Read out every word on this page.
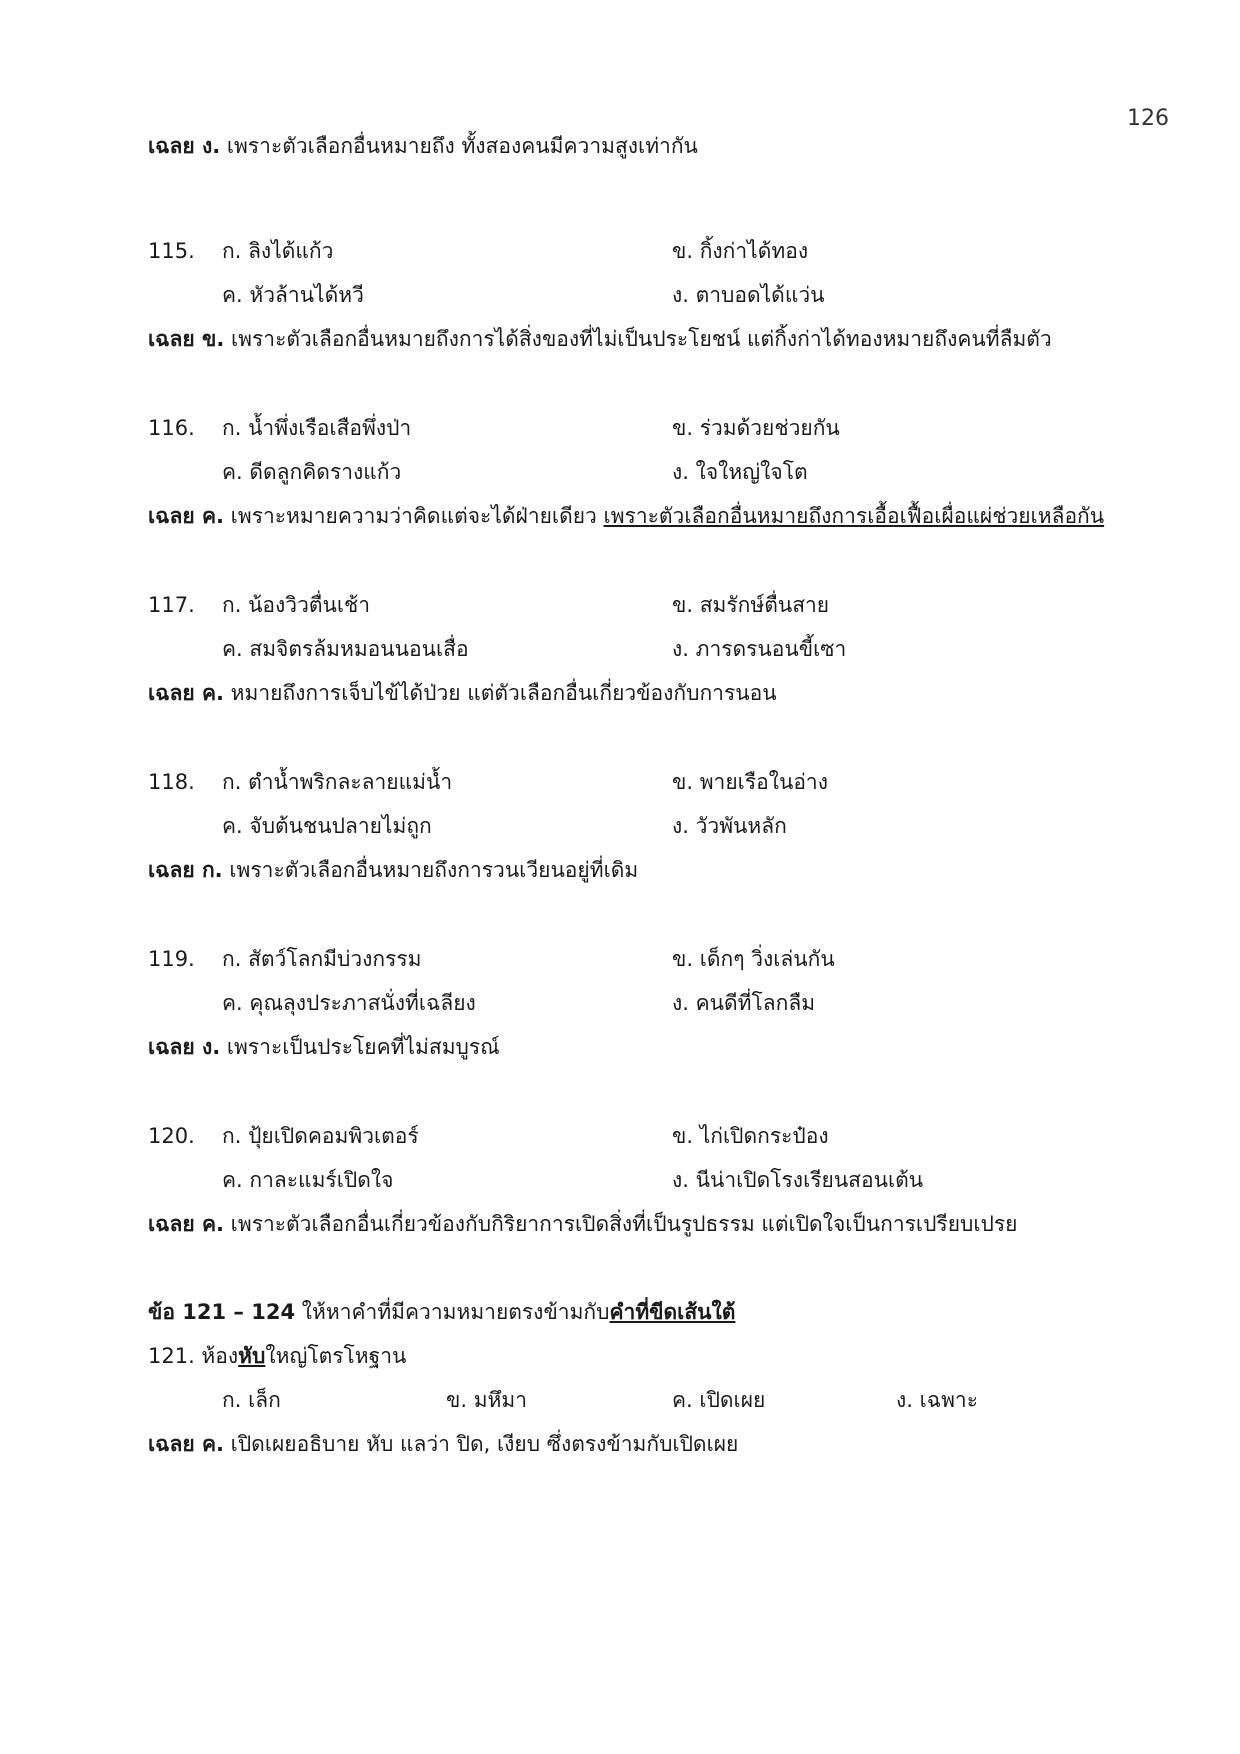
126
เฉลย ง. เพราะตัวเลือกอื่นหมายถึง ทั้งสองคนมีความสูงเท่ากัน
115. ก. ลิงได้แก้ว	ข. กิ้งก่าได้ทอง
ค. หัวล้านได้หวี	ง. ตาบอดได้แว่น
เฉลย ข. เพราะตัวเลือกอื่นหมายถึงการได้สิ่งของที่ไม่เป็นประโยชน์ แต่กิ้งก่าได้ทองหมายถึงคนที่ลืมตัว
116. ก. น้ำพึ่งเรือเสือพึ่งป่า	ข. ร่วมด้วยช่วยกัน
ค. ดีดลูกคิดรางแก้ว	ง. ใจใหญ่ใจโต
เฉลย ค. เพราะหมายความว่าคิดแต่จะได้ฝ่ายเดียว เพราะตัวเลือกอื่นหมายถึงการเอื้อเฟื้อเผื่อแผ่ช่วยเหลือกัน
117. ก. น้องวิวตื่นเช้า	ข. สมรักษ์ตื่นสาย
ค. สมจิตรล้มหมอนนอนเสื่อ	ง. ภารดรนอนขี้เซา
เฉลย ค. หมายถึงการเจ็บไข้ได้ป่วย แต่ตัวเลือกอื่นเกี่ยวข้องกับการนอน
118. ก. ตำน้ำพริกละลายแม่น้ำ	ข. พายเรือในอ่าง
ค. จับต้นชนปลายไม่ถูก	ง. วัวพันหลัก
เฉลย ก. เพราะตัวเลือกอื่นหมายถึงการวนเวียนอยู่ที่เดิม
119. ก. สัตว์โลกมีบ่วงกรรม	ข. เด็กๆ วิ่งเล่นกัน
ค. คุณลุงประภาสนั่งที่เฉลียง	ง. คนดีที่โลกลืม
เฉลย ง. เพราะเป็นประโยคที่ไม่สมบูรณ์
120. ก. ปุ้ยเปิดคอมพิวเตอร์	ข. ไก่เปิดกระป๋อง
ค. กาละแมร์เปิดใจ	ง. นีน่าเปิดโรงเรียนสอนเต้น
เฉลย ค. เพราะตัวเลือกอื่นเกี่ยวข้องกับกิริยาการเปิดสิ่งที่เป็นรูปธรรม แต่เปิดใจเป็นการเปรียบเปรย
ข้อ 121 – 124 ให้หาคำที่มีความหมายตรงข้ามกับคำที่ขีดเส้นใต้
121. ห้องหับใหญ่โตรโหฐาน
ก. เล็ก	ข. มหึมา	ค. เปิดเผย	ง. เฉพาะ
เฉลย ค. เปิดเผยอธิบาย หับ แลว่า ปิด, เงียบ ซึ่งตรงข้ามกับเปิดเผย
